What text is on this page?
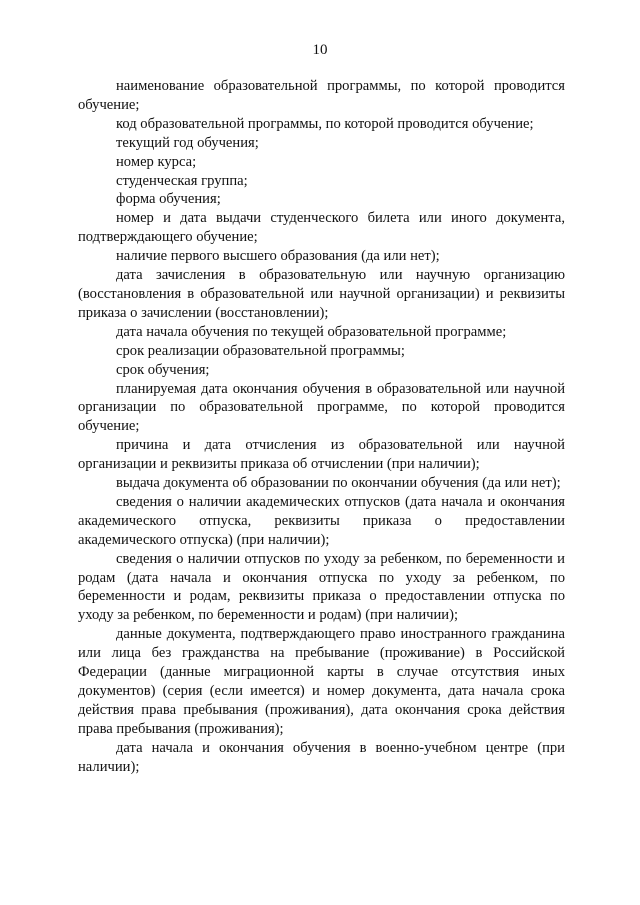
10

наименование образовательной программы, по которой проводится обучение;

код образовательной программы, по которой проводится обучение;

текущий год обучения;

номер курса;

студенческая группа;

форма обучения;

номер и дата выдачи студенческого билета или иного документа, подтверждающего обучение;

наличие первого высшего образования (да или нет);

дата зачисления в образовательную или научную организацию (восстановления в образовательной или научной организации) и реквизиты приказа о зачислении (восстановлении);

дата начала обучения по текущей образовательной программе;

срок реализации образовательной программы;

срок обучения;

планируемая дата окончания обучения в образовательной или научной организации по образовательной программе, по которой проводится обучение;

причина и дата отчисления из образовательной или научной организации и реквизиты приказа об отчислении (при наличии);

выдача документа об образовании по окончании обучения (да или нет);

сведения о наличии академических отпусков (дата начала и окончания академического отпуска, реквизиты приказа о предоставлении академического отпуска) (при наличии);

сведения о наличии отпусков по уходу за ребенком, по беременности и родам (дата начала и окончания отпуска по уходу за ребенком, по беременности и родам, реквизиты приказа о предоставлении отпуска по уходу за ребенком, по беременности и родам) (при наличии);

данные документа, подтверждающего право иностранного гражданина или лица без гражданства на пребывание (проживание) в Российской Федерации (данные миграционной карты в случае отсутствия иных документов) (серия (если имеется) и номер документа, дата начала срока действия права пребывания (проживания), дата окончания срока действия права пребывания (проживания);

дата начала и окончания обучения в военно-учебном центре (при наличии);
